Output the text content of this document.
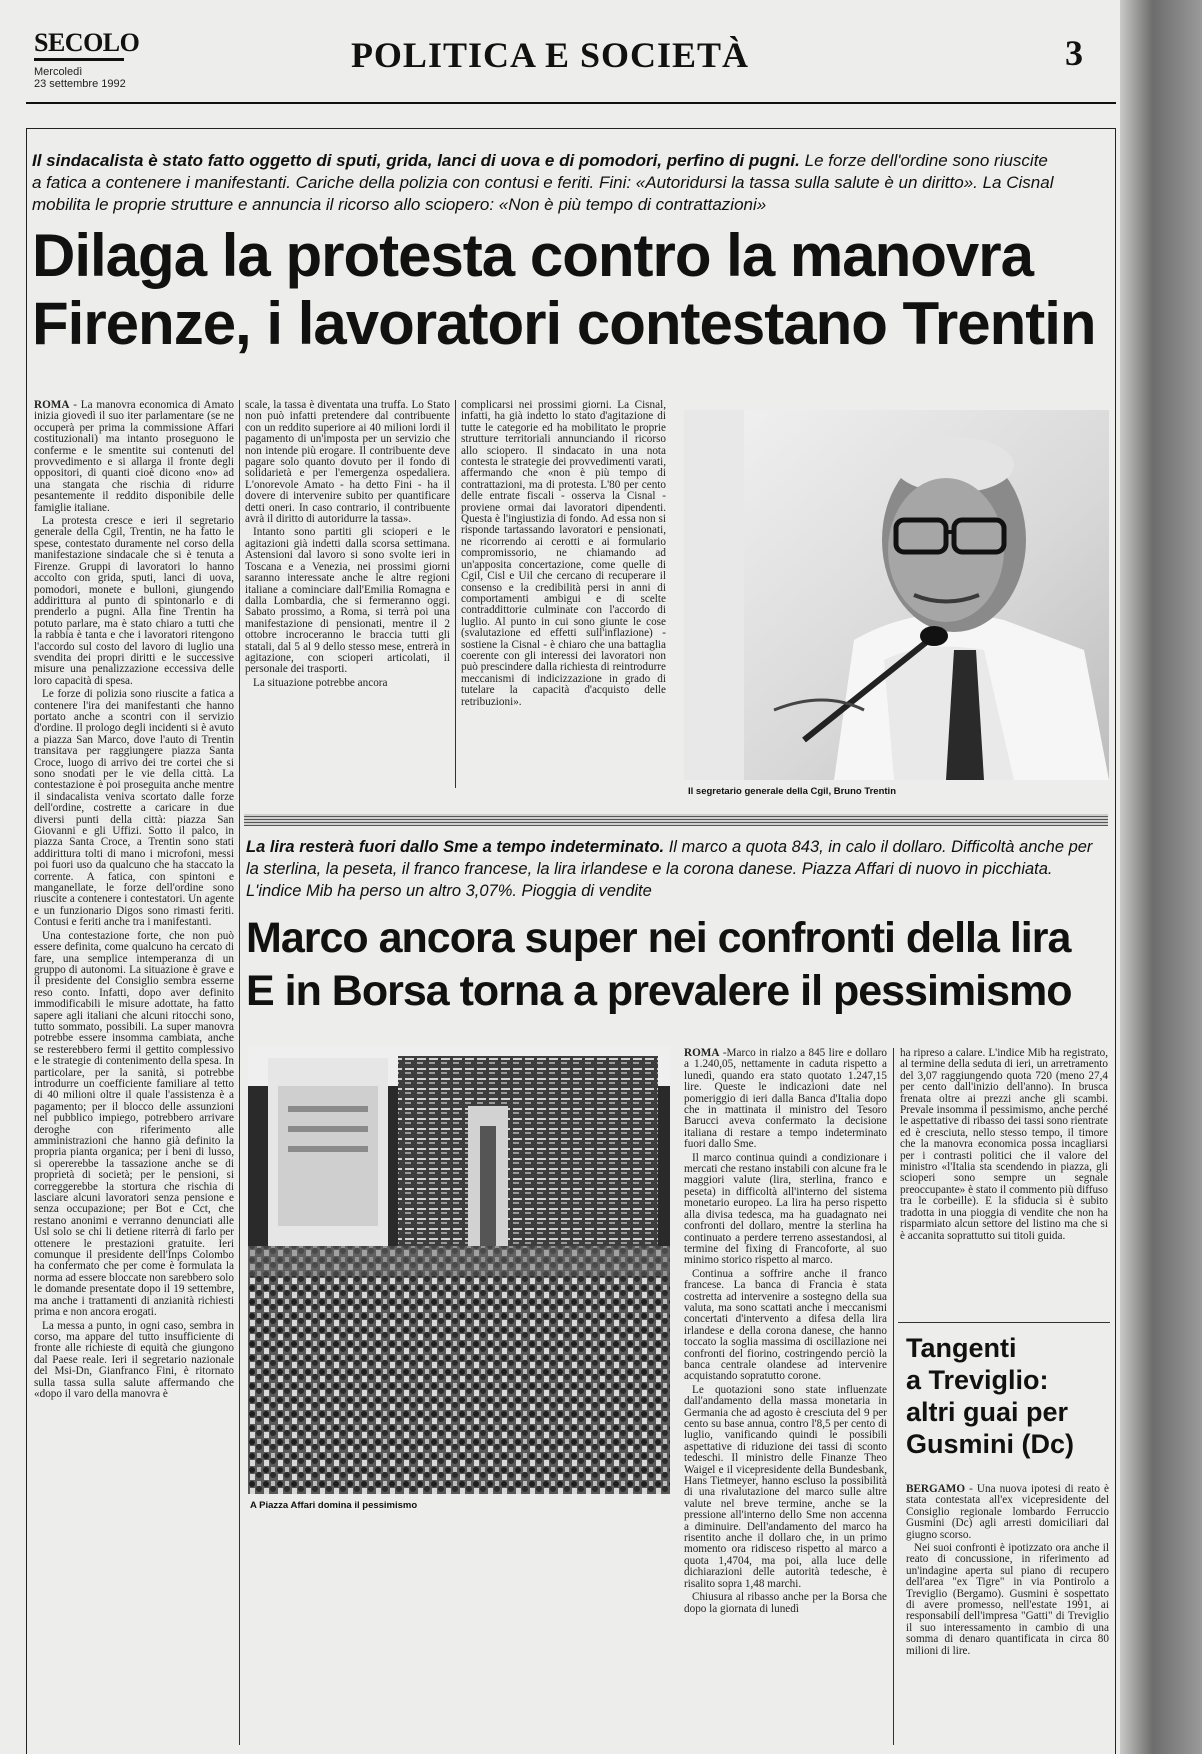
SECOLO
Mercoledì
23 settembre 1992
POLITICA E SOCIETÀ	3
Il sindacalista è stato fatto oggetto di sputi, grida, lanci di uova e di pomodori, perfino di pugni. Le forze dell'ordine sono riuscite a fatica a contenere i manifestanti. Cariche della polizia con contusi e feriti. Fini: «Autoridursi la tassa sulla salute è un diritto». La Cisnal mobilita le proprie strutture e annuncia il ricorso allo sciopero: «Non è più tempo di contrattazioni»
Dilaga la protesta contro la manovra
Firenze, i lavoratori contestano Trentin

ROMA - La manovra economica di Amato inizia giovedì il suo iter parlamentare (se ne occuperà per prima la commissione Affari costituzionali) ma intanto proseguono le conferme e le smentite sui contenuti del provvedimento e si allarga il fronte degli oppositori, di quanti cioè dicono «no» ad una stangata che rischia di ridurre pesantemente il reddito disponibile delle famiglie italiane.

La protesta cresce e ieri il segretario generale della Cgil, Trentin, ne ha fatto le spese, contestato duramente nel corso della manifestazione sindacale che si è tenuta a Firenze. Gruppi di lavoratori lo hanno accolto con grida, sputi, lanci di uova, pomodori, monete e bulloni, giungendo addirittura al punto di spintonarlo e di prenderlo a pugni. Alla fine Trentin ha potuto parlare, ma è stato chiaro a tutti che la rabbia è tanta e che i lavoratori ritengono l'accordo sul costo del lavoro di luglio una svendita dei propri diritti e le successive misure una penalizzazione eccessiva delle loro capacità di spesa.

Le forze di polizia sono riuscite a fatica a contenere l'ira dei manifestanti che hanno portato anche a scontri con il servizio d'ordine. Il prologo degli incidenti si è avuto a piazza San Marco, dove l'auto di Trentin transitava per raggiungere piazza Santa Croce, luogo di arrivo dei tre cortei che si sono snodati per le vie della città. La contestazione è poi proseguita anche mentre il sindacalista veniva scortato dalle forze dell'ordine, costrette a caricare in due diversi punti della città: piazza San Giovanni e gli Uffizi. Sotto il palco, in piazza Santa Croce, a Trentin sono stati addirittura tolti di mano i microfoni, messi poi fuori uso da qualcuno che ha staccato la corrente. A fatica, con spintoni e manganellate, le forze dell'ordine sono riuscite a contenere i contestatori. Un agente e un funzionario Digos sono rimasti feriti. Contusi e feriti anche tra i manifestanti.

Una contestazione forte, che non può essere definita, come qualcuno ha cercato di fare, una semplice intemperanza di un gruppo di autonomi. La situazione è grave e il presidente del Consiglio sembra esserne reso conto. Infatti, dopo aver definito immodificabili le misure adottate, ha fatto sapere agli italiani che alcuni ritocchi sono, tutto sommato, possibili. La super manovra potrebbe essere insomma cambiata, anche se resterebbero fermi il gettito complessivo e le strategie di contenimento della spesa. In particolare, per la sanità, si potrebbe introdurre un coefficiente familiare al tetto di 40 milioni oltre il quale l'assistenza è a pagamento; per il blocco delle assunzioni nel pubblico impiego, potrebbero arrivare deroghe con riferimento alle amministrazioni che hanno già definito la propria pianta organica; per i beni di lusso, si opererebbe la tassazione anche se di proprietà di società; per le pensioni, si correggerebbe la stortura che rischia di lasciare alcuni lavoratori senza pensione e senza occupazione; per Bot e Cct, che restano anonimi e verranno denunciati alle Usl solo se chi li detiene riterrà di farlo per ottenere le prestazioni gratuite. Ieri comunque il presidente dell'Inps Colombo ha confermato che per come è formulata la norma ad essere bloccate non sarebbero solo le domande presentate dopo il 19 settembre, ma anche i trattamenti di anzianità richiesti prima e non ancora erogati.

La messa a punto, in ogni caso, sembra in corso, ma appare del tutto insufficiente di fronte alle richieste di equità che giungono dal Paese reale. Ieri il segretario nazionale del Msi-Dn, Gianfranco Fini, è ritornato sulla tassa sulla salute affermando che «dopo il varo della manovra è

scale, la tassa è diventata una truffa. Lo Stato non può infatti pretendere dal contribuente con un reddito superiore ai 40 milioni lordi il pagamento di un'imposta per un servizio che non intende più erogare. Il contribuente deve pagare solo quanto dovuto per il fondo di solidarietà e per l'emergenza ospedaliera. L'onorevole Amato - ha detto Fini - ha il dovere di intervenire subito per quantificare detti oneri. In caso contrario, il contribuente avrà il diritto di autoridurre la tassa».

Intanto sono partiti gli scioperi e le agitazioni già indetti dalla scorsa settimana. Astensioni dal lavoro si sono svolte ieri in Toscana e a Venezia, nei prossimi giorni saranno interessate anche le altre regioni italiane a cominciare dall'Emilia Romagna e dalla Lombardia, che si fermeranno oggi. Sabato prossimo, a Roma, si terrà poi una manifestazione di pensionati, mentre il 2 ottobre incroceranno le braccia tutti gli statali, dal 5 al 9 dello stesso mese, entrerà in agitazione, con scioperi articolati, il personale dei trasporti.

La situazione potrebbe ancora

complicarsi nei prossimi giorni. La Cisnal, infatti, ha già indetto lo stato d'agitazione di tutte le categorie ed ha mobilitato le proprie strutture territoriali annunciando il ricorso allo sciopero. Il sindacato in una nota contesta le strategie dei provvedimenti varati, affermando che «non è più tempo di contrattazioni, ma di protesta. L'80 per cento delle entrate fiscali - osserva la Cisnal - proviene ormai dai lavoratori dipendenti. Questa è l'ingiustizia di fondo. Ad essa non si risponde tartassando lavoratori e pensionati, ne ricorrendo ai cerotti e ai formulario compromissorio, ne chiamando ad un'apposita concertazione, come quelle di Cgil, Cisl e Uil che cercano di recuperare il consenso e la credibilità persi in anni di comportamenti ambigui e di scelte contraddittorie culminate con l'accordo di luglio. Al punto in cui sono giunte le cose (svalutazione ed effetti sull'inflazione) - sostiene la Cisnal - è chiaro che una battaglia coerente con gli interessi dei lavoratori non può prescindere dalla richiesta di reintrodurre meccanismi di indicizzazione in grado di tutelare la capacità d'acquisto delle retribuzioni».

Il segretario generale della Cgil, Bruno Trentin
La lira resterà fuori dallo Sme a tempo indeterminato. Il marco a quota 843, in calo il dollaro. Difficoltà anche per la sterlina, la peseta, il franco francese, la lira irlandese e la corona danese. Piazza Affari di nuovo in picchiata. L'indice Mib ha perso un altro 3,07%. Pioggia di vendite
Marco ancora super nei confronti della lira
E in Borsa torna a prevalere il pessimismo
A Piazza Affari domina il pessimismo

ROMA -Marco in rialzo a 845 lire e dollaro a 1.240,05, nettamente in caduta rispetto a lunedì, quando era stato quotato 1.247,15 lire. Queste le indicazioni date nel pomeriggio di ieri dalla Banca d'Italia dopo che in mattinata il ministro del Tesoro Barucci aveva confermato la decisione italiana di restare a tempo indeterminato fuori dallo Sme.

Il marco continua quindi a condizionare i mercati che restano instabili con alcune fra le maggiori valute (lira, sterlina, franco e peseta) in difficoltà all'interno del sistema monetario europeo. La lira ha perso rispetto alla divisa tedesca, ma ha guadagnato nei confronti del dollaro, mentre la sterlina ha continuato a perdere terreno assestandosi, al termine del fixing di Francoforte, al suo minimo storico rispetto al marco.

Continua a soffrire anche il franco francese. La banca di Francia è stata costretta ad intervenire a sostegno della sua valuta, ma sono scattati anche i meccanismi concertati d'intervento a difesa della lira irlandese e della corona danese, che hanno toccato la soglia massima di oscillazione nei confronti del fiorino, costringendo perciò la banca centrale olandese ad intervenire acquistando sopratutto corone.

Le quotazioni sono state influenzate dall'andamento della massa monetaria in Germania che ad agosto è cresciuta del 9 per cento su base annua, contro l'8,5 per cento di luglio, vanificando quindi le possibili aspettative di riduzione dei tassi di sconto tedeschi. Il ministro delle Finanze Theo Waigel e il vicepresidente della Bundesbank, Hans Tietmeyer, hanno escluso la possibilità di una rivalutazione del marco sulle altre valute nel breve termine, anche se la pressione all'interno dello Sme non accenna a diminuire. Dell'andamento del marco ha risentito anche il dollaro che, in un primo momento ora ridisceso rispetto al marco a quota 1,4704, ma poi, alla luce delle dichiarazioni delle autorità tedesche, è risalito sopra 1,48 marchi.

Chiusura al ribasso anche per la Borsa che dopo la giornata di lunedì

ha ripreso a calare. L'indice Mib ha registrato, al termine della seduta di ieri, un arretramento del 3,07 raggiungendo quota 720 (meno 27,4 per cento dall'inizio dell'anno). In brusca frenata oltre ai prezzi anche gli scambi. Prevale insomma il pessimismo, anche perché le aspettative di ribasso dei tassi sono rientrate ed è cresciuta, nello stesso tempo, il timore che la manovra economica possa incagliarsi per i contrasti politici che il valore del ministro «l'Italia sta scendendo in piazza, gli scioperi sono sempre un segnale preoccupante» è stato il commento più diffuso tra le corbeille). E la sfiducia si è subito tradotta in una pioggia di vendite che non ha risparmiato alcun settore del listino ma che si è accanita soprattutto sui titoli guida.

Tangenti
a Treviglio:
altri guai per
Gusmini (Dc)

BERGAMO - Una nuova ipotesi di reato è stata contestata all'ex vicepresidente del Consiglio regionale lombardo Ferruccio Gusmini (Dc) agli arresti domiciliari dal giugno scorso.

Nei suoi confronti è ipotizzato ora anche il reato di concussione, in riferimento ad un'indagine aperta sul piano di recupero dell'area "ex Tigre" in via Pontirolo a Treviglio (Bergamo). Gusmini è sospettato di avere promesso, nell'estate 1991, ai responsabili dell'impresa "Gatti" di Treviglio il suo interessamento in cambio di una somma di denaro quantificata in circa 80 milioni di lire.
